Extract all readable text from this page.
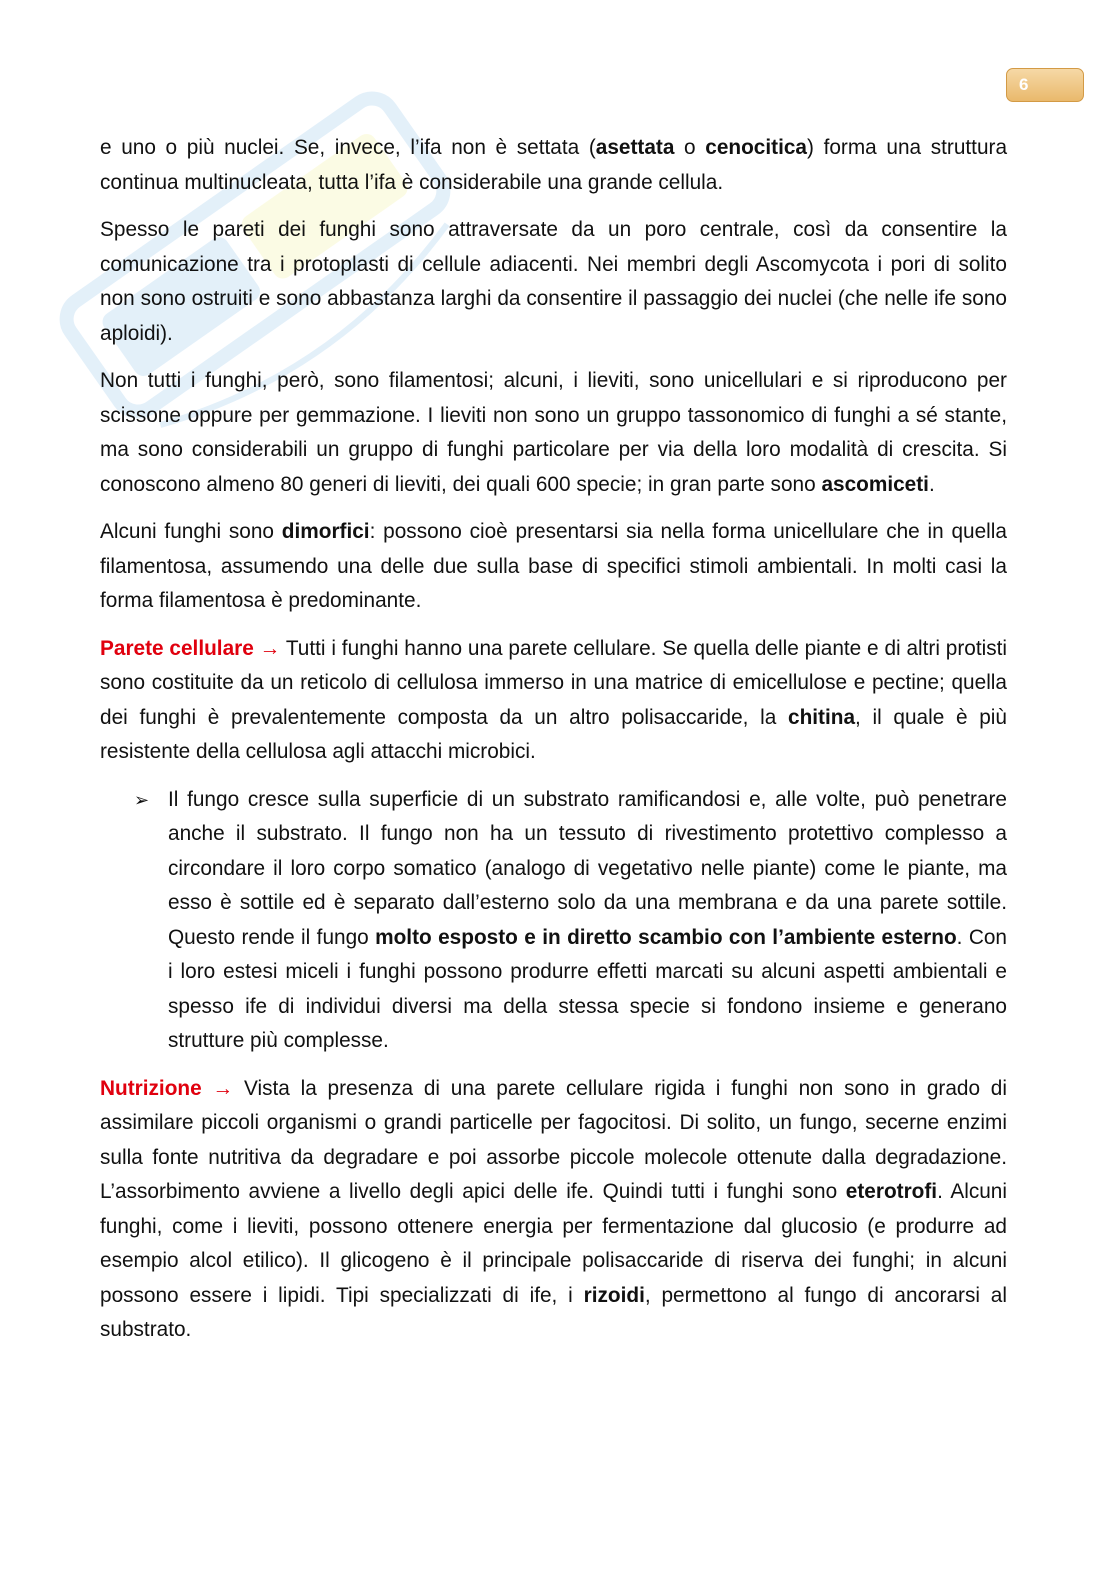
6

e uno o più nuclei. Se, invece, l’ifa non è settata (asettata o cenocitica) forma una struttura continua multinucleata, tutta l’ifa è considerabile una grande cellula.

Spesso le pareti dei funghi sono attraversate da un poro centrale, così da consentire la comunicazione tra i protoplasti di cellule adiacenti. Nei membri degli Ascomycota i pori di solito non sono ostruiti e sono abbastanza larghi da consentire il passaggio dei nuclei (che nelle ife sono aploidi).

Non tutti i funghi, però, sono filamentosi; alcuni, i lieviti, sono unicellulari e si riproducono per scissone oppure per gemmazione. I lieviti non sono un gruppo tassonomico di funghi a sé stante, ma sono considerabili un gruppo di funghi particolare per via della loro modalità di crescita. Si conoscono almeno 80 generi di lieviti, dei quali 600 specie; in gran parte sono ascomiceti.

Alcuni funghi sono dimorfici: possono cioè presentarsi sia nella forma unicellulare che in quella filamentosa, assumendo una delle due sulla base di specifici stimoli ambientali. In molti casi la forma filamentosa è predominante.

Parete cellulare → Tutti i funghi hanno una parete cellulare. Se quella delle piante e di altri protisti sono costituite da un reticolo di cellulosa immerso in una matrice di emicellulose e pectine; quella dei funghi è prevalentemente composta da un altro polisaccaride, la chitina, il quale è più resistente della cellulosa agli attacchi microbici.

➢ Il fungo cresce sulla superficie di un substrato ramificandosi e, alle volte, può penetrare anche il substrato. Il fungo non ha un tessuto di rivestimento protettivo complesso a circondare il loro corpo somatico (analogo di vegetativo nelle piante) come le piante, ma esso è sottile ed è separato dall’esterno solo da una membrana e da una parete sottile. Questo rende il fungo molto esposto e in diretto scambio con l’ambiente esterno. Con i loro estesi miceli i funghi possono produrre effetti marcati su alcuni aspetti ambientali e spesso ife di individui diversi ma della stessa specie si fondono insieme e generano strutture più complesse.

Nutrizione → Vista la presenza di una parete cellulare rigida i funghi non sono in grado di assimilare piccoli organismi o grandi particelle per fagocitosi. Di solito, un fungo, secerne enzimi sulla fonte nutritiva da degradare e poi assorbe piccole molecole ottenute dalla degradazione. L’assorbimento avviene a livello degli apici delle ife. Quindi tutti i funghi sono eterotrofi. Alcuni funghi, come i lieviti, possono ottenere energia per fermentazione dal glucosio (e produrre ad esempio alcol etilico). Il glicogeno è il principale polisaccaride di riserva dei funghi; in alcuni possono essere i lipidi. Tipi specializzati di ife, i rizoidi, permettono al fungo di ancorarsi al substrato.
